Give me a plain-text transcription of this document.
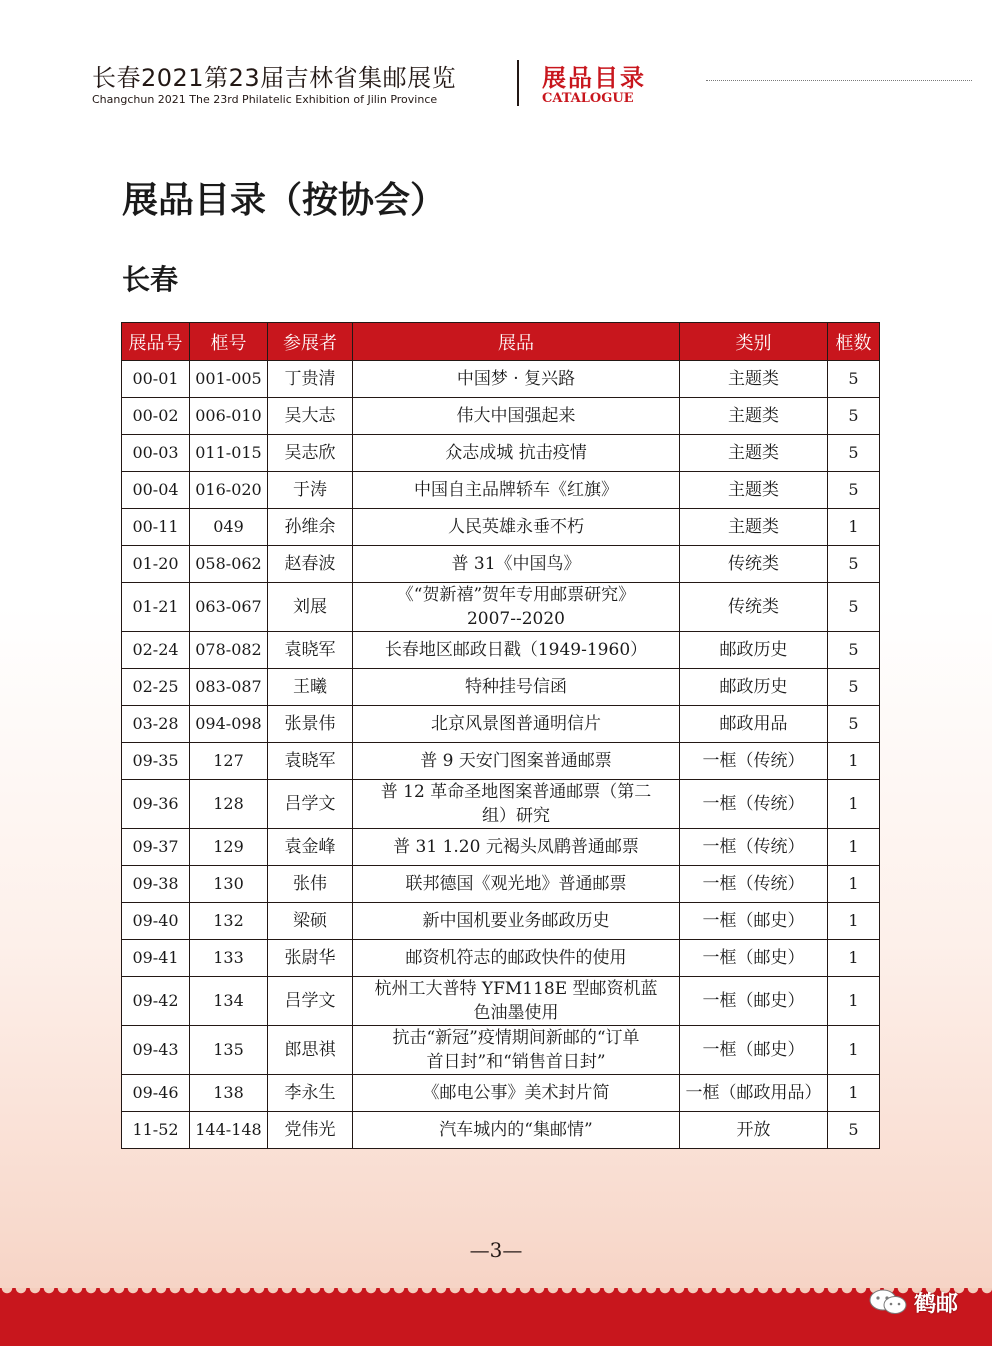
长春2021第23届吉林省集邮展览
Changchun 2021 The 23rd Philatelic Exhibition of Jilin Province
展品目录
CATALOGUE
展品目录（按协会）
长春
展品号	框号	参展者	展品	类别	框数
00-01	001-005	丁贵清	中国梦 · 复兴路	主题类	5
00-02	006-010	吴大志	伟大中国强起来	主题类	5
00-03	011-015	吴志欣	众志成城 抗击疫情	主题类	5
00-04	016-020	于涛	中国自主品牌轿车《红旗》	主题类	5
00-11	049	孙维余	人民英雄永垂不朽	主题类	1
01-20	058-062	赵春波	普 31《中国鸟》	传统类	5
01-21	063-067	刘展	《“贺新禧”贺年专用邮票研究》
2007--2020	传统类	5
02-24	078-082	袁晓军	长春地区邮政日戳（1949-1960）	邮政历史	5
02-25	083-087	王曦	特种挂号信函	邮政历史	5
03-28	094-098	张景伟	北京风景图普通明信片	邮政用品	5
09-35	127	袁晓军	普 9 天安门图案普通邮票	一框（传统）	1
09-36	128	吕学文	普 12 革命圣地图案普通邮票（第二
组）研究	一框（传统）	1
09-37	129	袁金峰	普 31 1.20 元褐头凤鹛普通邮票	一框（传统）	1
09-38	130	张伟	联邦德国《观光地》普通邮票	一框（传统）	1
09-40	132	梁硕	新中国机要业务邮政历史	一框（邮史）	1
09-41	133	张尉华	邮资机符志的邮政快件的使用	一框（邮史）	1
09-42	134	吕学文	杭州工大普特 YFM118E 型邮资机蓝
色油墨使用	一框（邮史）	1
09-43	135	郎思祺	抗击“新冠”疫情期间新邮的“订单
首日封”和“销售首日封”	一框（邮史）	1
09-46	138	李永生	《邮电公事》美术封片简	一框（邮政用品）	1
11-52	144-148	党伟光	汽车城内的“集邮情”	开放	5
—3—
鹤邮
